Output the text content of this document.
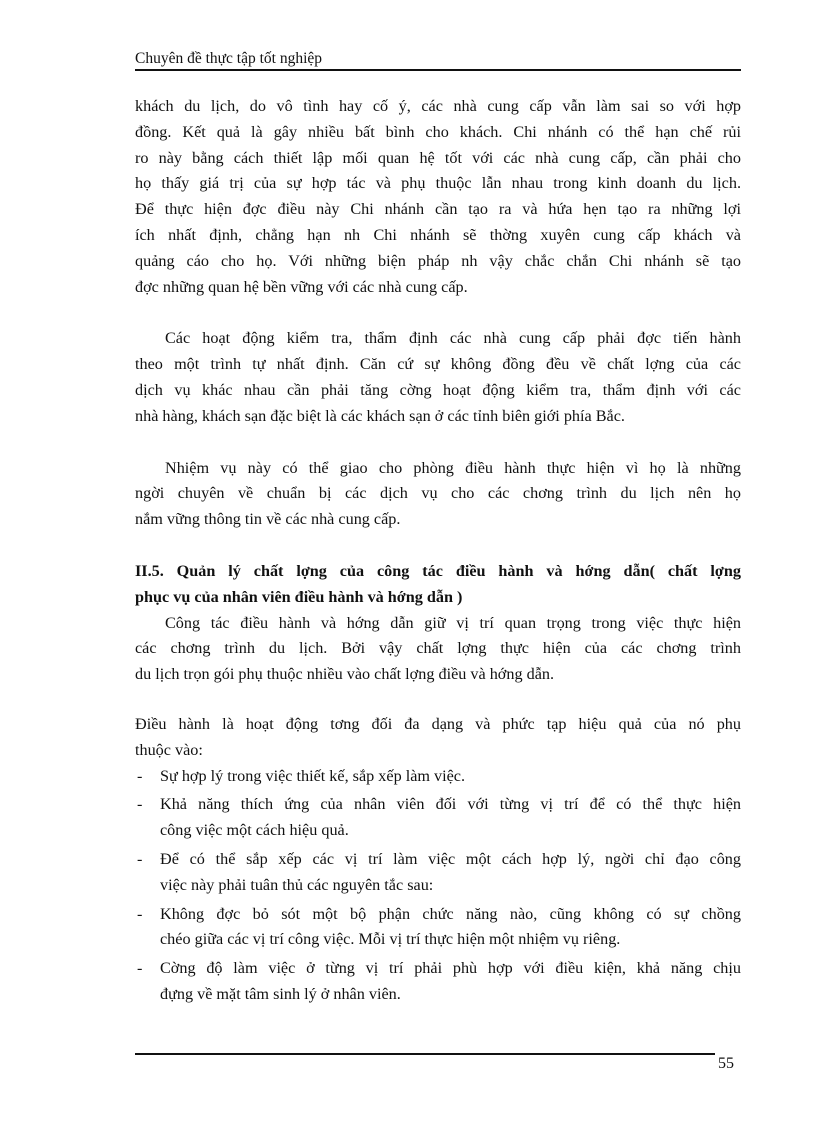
Chuyên đề thực tập tốt nghiệp

khách du lịch, do vô tình hay cố ý, các nhà cung cấp vẫn làm sai so với hợp
đồng. Kết quả là gây nhiều bất bình cho khách. Chi nhánh có thể hạn chế rủi
ro này bằng cách thiết lập mối quan hệ tốt với các nhà cung cấp, cần phải cho
họ thấy giá trị của sự hợp tác và phụ thuộc lẫn nhau trong kinh doanh du lịch.
Để thực hiện đợc điều này Chi nhánh cần tạo ra và hứa hẹn tạo ra những lợi
ích nhất định, chẳng hạn nh Chi nhánh sẽ thờng xuyên cung cấp khách và
quảng cáo cho họ. Với những biện pháp nh vậy chắc chắn Chi nhánh sẽ tạo
đợc những quan hệ bền vững với các nhà cung cấp.

Các hoạt động kiểm tra, thẩm định các nhà cung cấp phải đợc tiến hành
theo một trình tự nhất định. Căn cứ sự không đồng đều về chất lợng của các
dịch vụ khác nhau cần phải tăng cờng hoạt động kiểm tra, thẩm định với các
nhà hàng, khách sạn đặc biệt là các khách sạn ở các tỉnh biên giới phía Bắc.

Nhiệm vụ này có thể giao cho phòng điều hành thực hiện vì họ là những
ngời chuyên về chuẩn bị các dịch vụ cho các chơng trình du lịch nên họ
nắm vững thông tin về các nhà cung cấp.

II.5. Quản lý chất lợng của công tác điều hành và hớng dẫn( chất lợng
phục vụ của nhân viên điều hành và hớng dẫn )

Công tác điều hành và hớng dẫn giữ vị trí quan trọng trong việc thực hiện
các chơng trình du lịch. Bởi vậy chất lợng thực hiện của các chơng trình
du lịch trọn gói phụ thuộc nhiều vào chất lợng điều và hớng dẫn.

Điều hành là hoạt động tơng đối đa dạng và phức tạp hiệu quả của nó phụ
thuộc vào:

- Sự hợp lý trong việc thiết kế, sắp xếp làm việc.
- Khả năng thích ứng của nhân viên đối với từng vị trí để có thể thực hiện
công việc một cách hiệu quả.
- Để có thể sắp xếp các vị trí làm việc một cách hợp lý, ngời chỉ đạo công
việc này phải tuân thủ các nguyên tắc sau:
- Không đợc bỏ sót một bộ phận chức năng nào, cũng không có sự chồng
chéo giữa các vị trí công việc. Mỗi vị trí thực hiện một nhiệm vụ riêng.
- Cờng độ làm việc ở từng vị trí phải phù hợp với điều kiện, khả năng chịu
đựng về mặt tâm sinh lý ở nhân viên.
55
